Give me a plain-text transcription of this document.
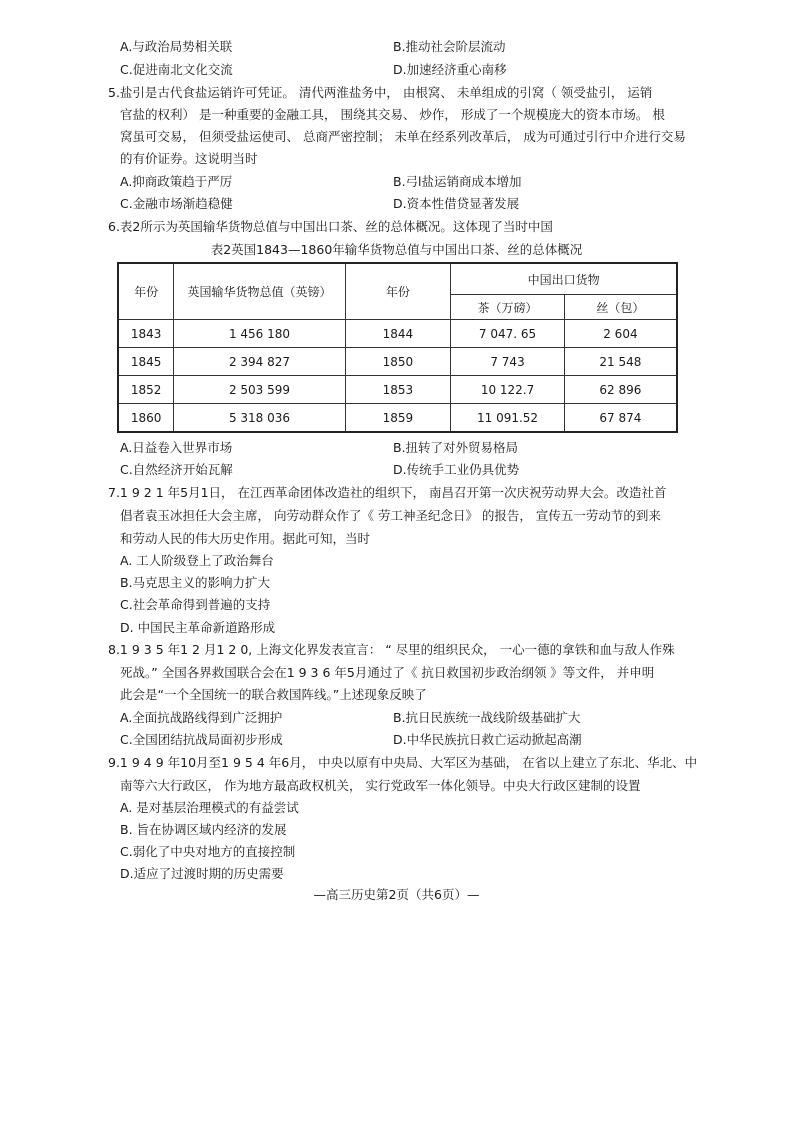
A.与政治局势相关联	B.推动社会阶层流动
C.促进南北文化交流	D.加速经济重心南移
5.盐引是古代食盐运销许可凭证。 清代两淮盐务中， 由根窝、 未单组成的引窝（ 领受盐引， 运销
官盐的权利） 是一种重要的金融工具， 围绕其交易、 炒作， 形成了一个规模庞大的资本市场。 根
窝虽可交易， 但须受盐运使司、 总商严密控制； 未单在经系列改革后， 成为可通过引行中介进行交易
的有价证券。这说明当时
A.抑商政策趋于严厉	B.弓l盐运销商成本增加
C.金融市场渐趋稳健	D.资本性借贷显著发展
6.表2所示为英国输华货物总值与中国出口茶、丝的总体概况。这体现了当时中国
表2英国1843—1860年输华货物总值与中国出口茶、丝的总体概况
年份	英国输华货物总值（英镑）	年份	中国出口货物	
			茶（万磅）	丝（包）
1843	1 456 180	1844	7 047. 65	2 604
1845	2 394 827	1850	7 743	21 548
1852	2 503 599	1853	10 122.7	62 896
1860	5 318 036	1859	11 091.52	67 874
A.日益卷入世界市场	B.扭转了对外贸易格局
C.自然经济开始瓦解	D.传统手工业仍具优势
7.1 9 2 1 年5月1日， 在江西革命团体改造社的组织下， 南昌召开第一次庆祝劳动界大会。改造社首
倡者袁玉冰担任大会主席， 向劳动群众作了《 劳工神圣纪念日》 的报告， 宣传五一劳动节的到来
和劳动人民的伟大历史作用。据此可知，当时
A. 工人阶级登上了政治舞台
B.马克思主义的影响力扩大
C.社会革命得到普遍的支持
D. 中国民主革命新道路形成
8.1 9 3 5 年1 2 月1 2 0, 上海文化界发表宣言： “ 尽里的组织民众， 一心一德的拿铁和血与敌人作殊
死战。” 全国各界救国联合会在1 9 3 6 年5月通过了《 抗日救国初步政治纲领 》等文件， 并申明
此会是“一个全国统一的联合救国阵线。”上述现象反映了
A.全面抗战路线得到广泛拥护	B.抗日民族统一战线阶级基础扩大
C.全国团结抗战局面初步形成	D.中华民族抗日救亡运动掀起高潮
9.1 9 4 9 年10月至1 9 5 4 年6月， 中央以原有中央局、大军区为基础， 在省以上建立了东北、华北、中
南等六大行政区， 作为地方最高政权机关， 实行党政军一体化领导。中央大行政区建制的设置
A. 是对基层治理模式的有益尝试
B. 旨在协调区域内经济的发展
C.弱化了中央对地方的直接控制
D.适应了过渡时期的历史需要
—高三历史第2页（共6页）—
